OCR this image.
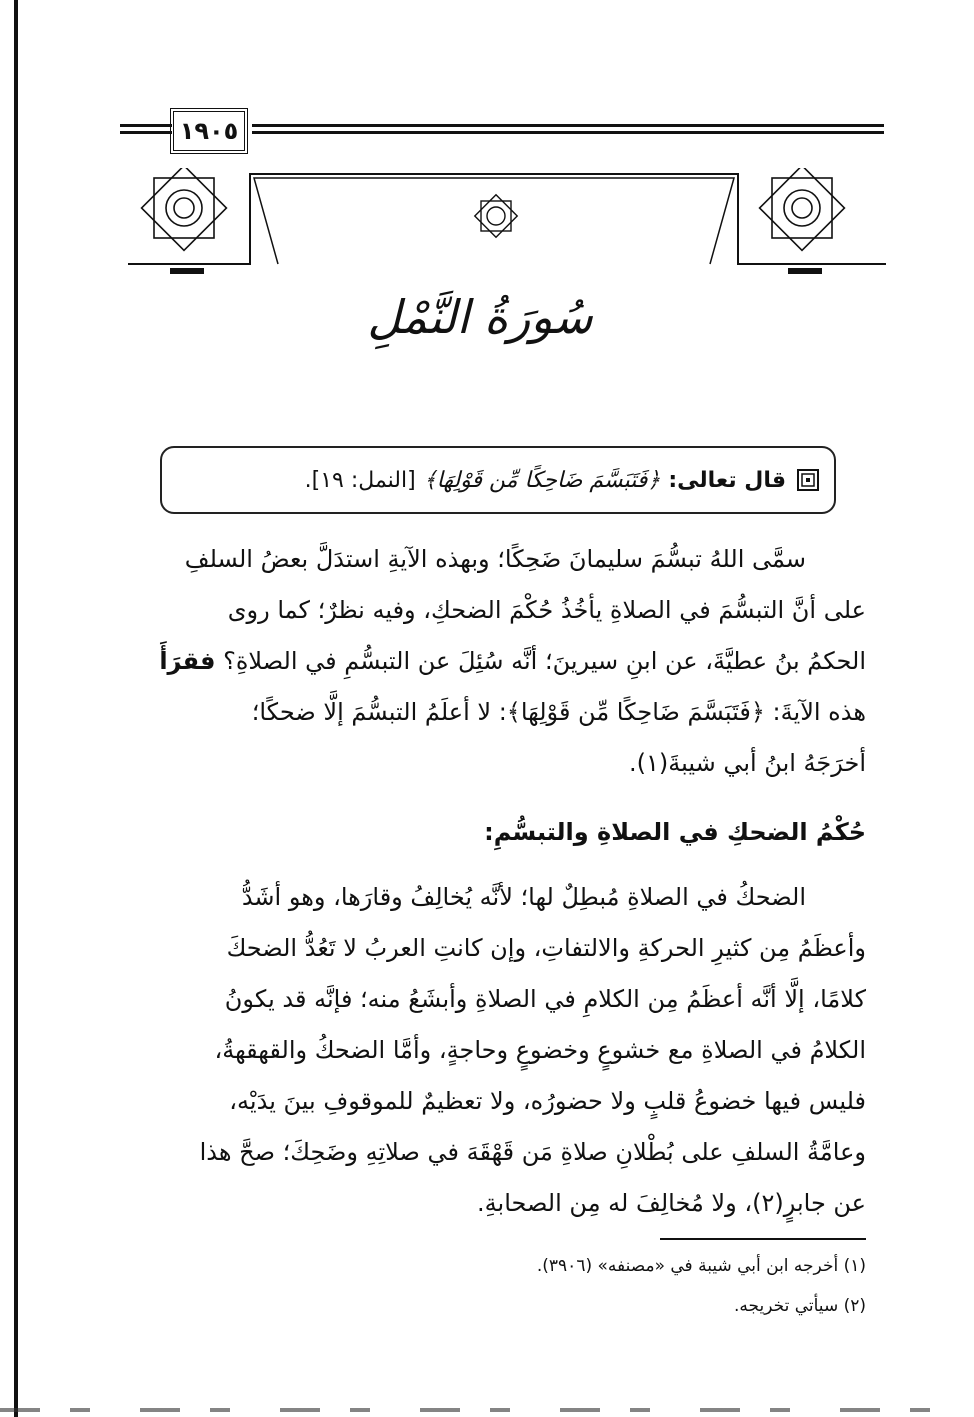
١٩٠٥
سُورَةُ النَّمْلِ
قال تعالى:
﴿فَتَبَسَّمَ ضَاحِكًا مِّن قَوْلِهَا﴾
[النمل: ١٩].
سمَّى اللهُ تبسُّمَ سليمانَ ضَحِكًا؛ وبهذه الآيةِ استدَلَّ بعضُ السلفِ
على أنَّ التبسُّمَ في الصلاةِ يأخُذُ حُكْمَ الضحكِ، وفيه نظرٌ؛ كما روى
الحكمُ بنُ عطيَّةَ، عن ابنِ سيرينَ؛ أنَّه سُئِلَ عن التبسُّمِ في الصلاةِ؟ فقرَأَ
هذه الآيةَ: ﴿فَتَبَسَّمَ ضَاحِكًا مِّن قَوْلِهَا﴾: لا أعلَمُ التبسُّمَ إلَّا ضحكًا؛
أخرَجَهُ ابنُ أبي شيبةَ(١).
حُكْمُ الضحكِ في الصلاةِ والتبسُّمِ:
الضحكُ في الصلاةِ مُبطِلٌ لها؛ لأنَّه يُخالِفُ وقارَها، وهو أشَدُّ
وأعظَمُ مِن كثيرِ الحركةِ والالتفاتِ، وإن كانتِ العربُ لا تَعُدُّ الضحكَ
كلامًا، إلَّا أنَّه أعظَمُ مِن الكلامِ في الصلاةِ وأبشَعُ منه؛ فإنَّه قد يكونُ
الكلامُ في الصلاةِ مع خشوعٍ وخضوعٍ وحاجةٍ، وأمَّا الضحكُ والقهقهةُ،
فليس فيها خضوعُ قلبٍ ولا حضورُه، ولا تعظيمٌ للموقوفِ بينَ يدَيْه،
وعامَّةُ السلفِ على بُطْلانِ صلاةِ مَن قَهْقَهَ في صلاتِهِ وضَحِكَ؛ صحَّ هذا
عن جابرٍ(٢)، ولا مُخالِفَ له مِن الصحابةِ.
(١) أخرجه ابن أبي شيبة في «مصنفه» (٣٩٠٦).
(٢) سيأتي تخريجه.
